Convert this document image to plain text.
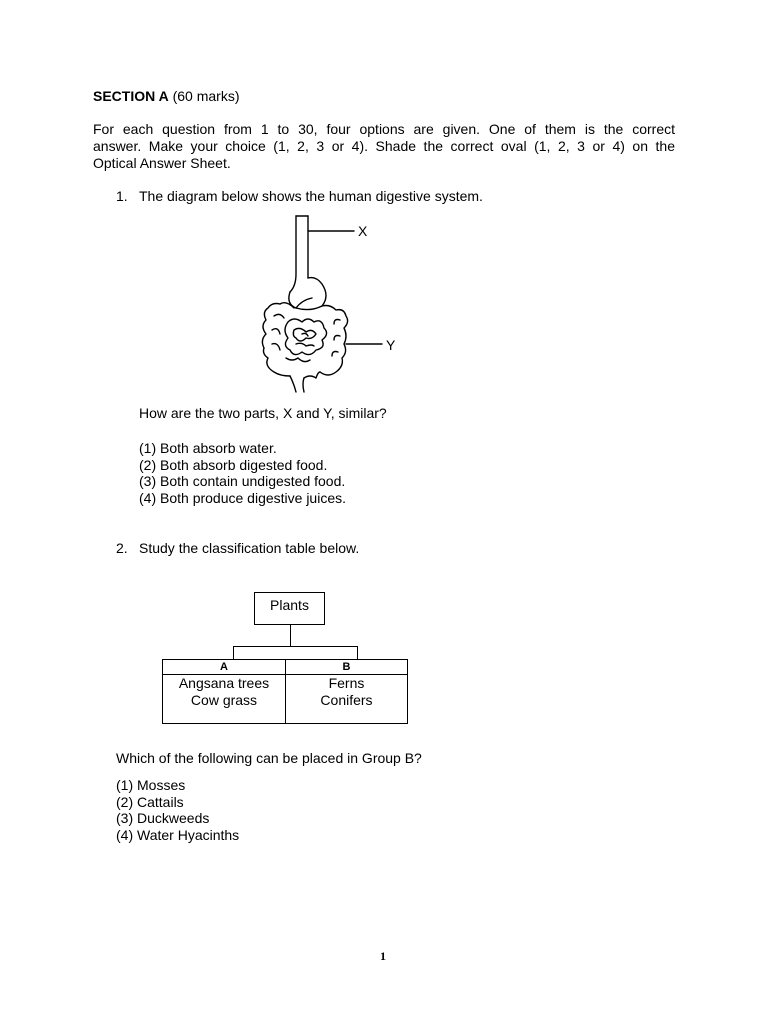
SECTION A (60 marks)
For each question from 1 to 30, four options are given. One of them is the correct
answer. Make your choice (1, 2, 3 or 4). Shade the correct oval (1, 2, 3 or 4) on the
Optical Answer Sheet.
1. The diagram below shows the human digestive system.
X
Y
How are the two parts, X and Y, similar?
(1) Both absorb water.
(2) Both absorb digested food.
(3) Both contain undigested food.
(4) Both produce digestive juices.
2. Study the classification table below.
Plants
A	B
Angsana trees
Cow grass
Ferns
Conifers
Which of the following can be placed in Group B?
(1) Mosses
(2) Cattails
(3) Duckweeds
(4) Water Hyacinths
1
